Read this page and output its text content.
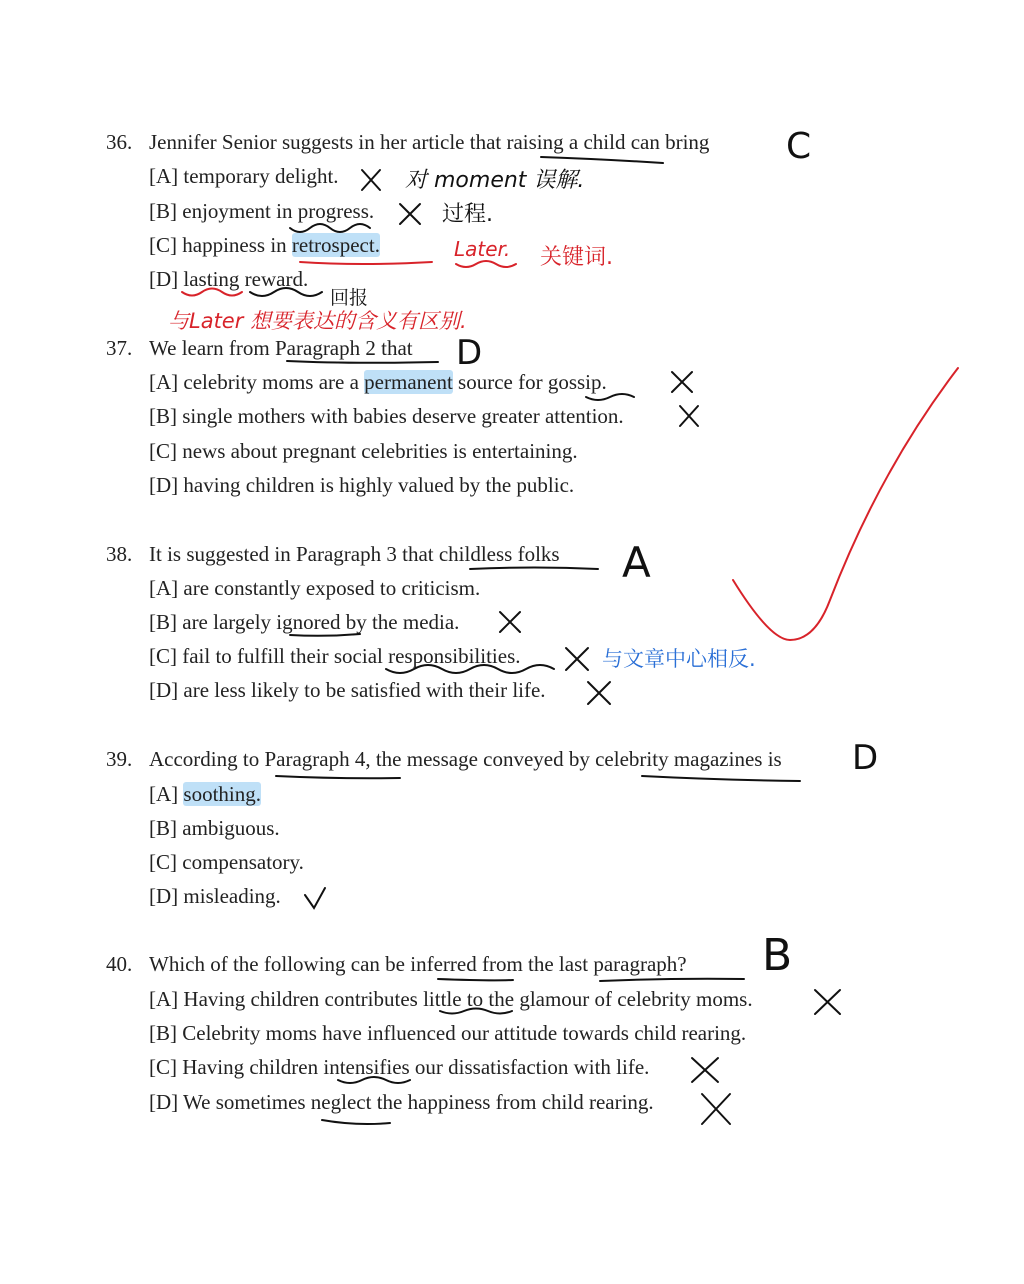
36. Jennifer Senior suggests in her article that raising a child can bring
[A] temporary delight.
[B] enjoyment in progress.
[C] happiness in retrospect.
[D] lasting reward.
37. We learn from Paragraph 2 that
[A] celebrity moms are a permanent source for gossip.
[B] single mothers with babies deserve greater attention.
[C] news about pregnant celebrities is entertaining.
[D] having children is highly valued by the public.
38. It is suggested in Paragraph 3 that childless folks
[A] are constantly exposed to criticism.
[B] are largely ignored by the media.
[C] fail to fulfill their social responsibilities.
[D] are less likely to be satisfied with their life.
39. According to Paragraph 4, the message conveyed by celebrity magazines is
[A] soothing.
[B] ambiguous.
[C] compensatory.
[D] misleading.
40. Which of the following can be inferred from the last paragraph?
[A] Having children contributes little to the glamour of celebrity moms.
[B] Celebrity moms have influenced our attitude towards child rearing.
[C] Having children intensifies our dissatisfaction with life.
[D] We sometimes neglect the happiness from child rearing.
C
D
A
D
B
对 moment 误解.
过程.
Later. 关键词.
回报
与Later 想要表达的含义有区别.
与文章中心相反.
